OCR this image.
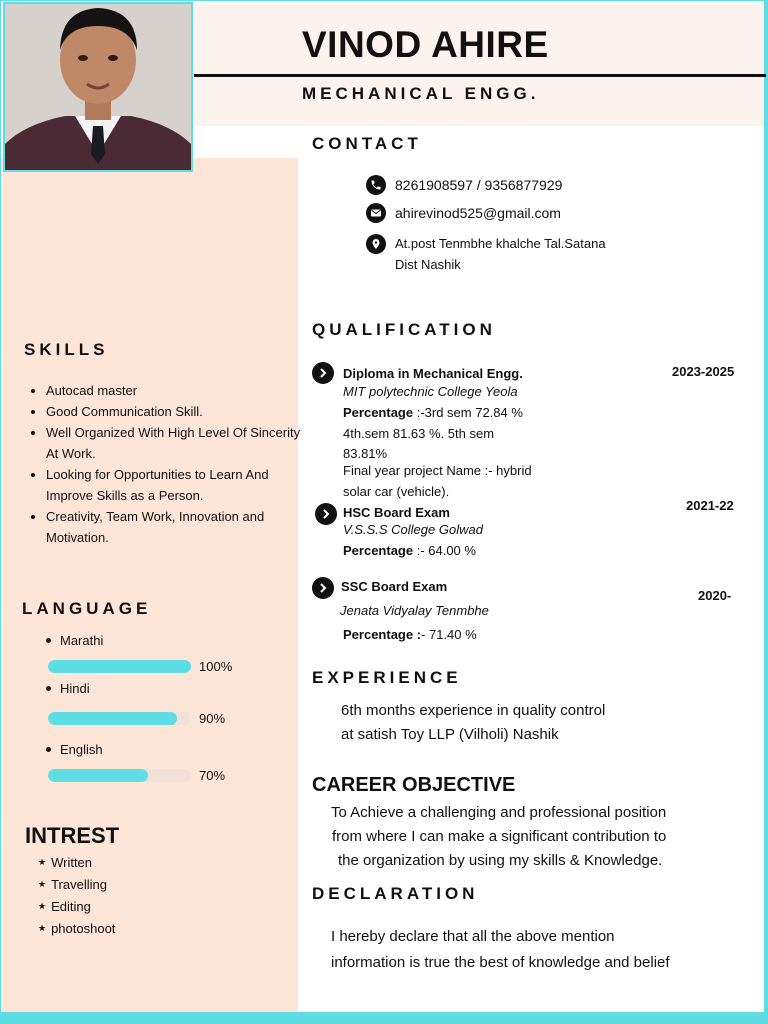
VINOD AHIRE
MECHANICAL ENGG.
CONTACT
8261908597 / 9356877929
ahirevinod525@gmail.com
At.post Tenmbhe khalche Tal.Satana
Dist Nashik
SKILLS
• Autocad master
• Good Communication Skill.
• Well Organized With High Level Of Sincerity At Work.
• Looking for Opportunities to Learn And Improve Skills as a Person.
• Creativity, Team Work, Innovation and Motivation.
LANGUAGE
Marathi
100%
Hindi
90%
English
70%
INTREST
★ Written
★ Travelling
★ Editing
★ photoshoot
QUALIFICATION
Diploma in Mechanical Engg.	2023-2025
MIT polytechnic College Yeola
Percentage :-3rd sem 72.84 %
4th.sem 81.63 %. 5th sem
83.81%
Final year project Name :- hybrid
solar car (vehicle).
HSC Board Exam	2021-22
V.S.S.S College Golwad
Percentage :- 64.00 %
SSC Board Exam
2020-
Jenata Vidyalay Tenmbhe
Percentage :- 71.40 %
EXPERIENCE

6th months experience in quality control
at satish Toy LLP (Vilholi) Nashik

CAREER OBJECTIVE

To Achieve a challenging and professional position
from where I can make a significant contribution to
the organization by using my skills & Knowledge.

DECLARATION

I hereby declare that all the above mention
information is true the best of knowledge and belief
